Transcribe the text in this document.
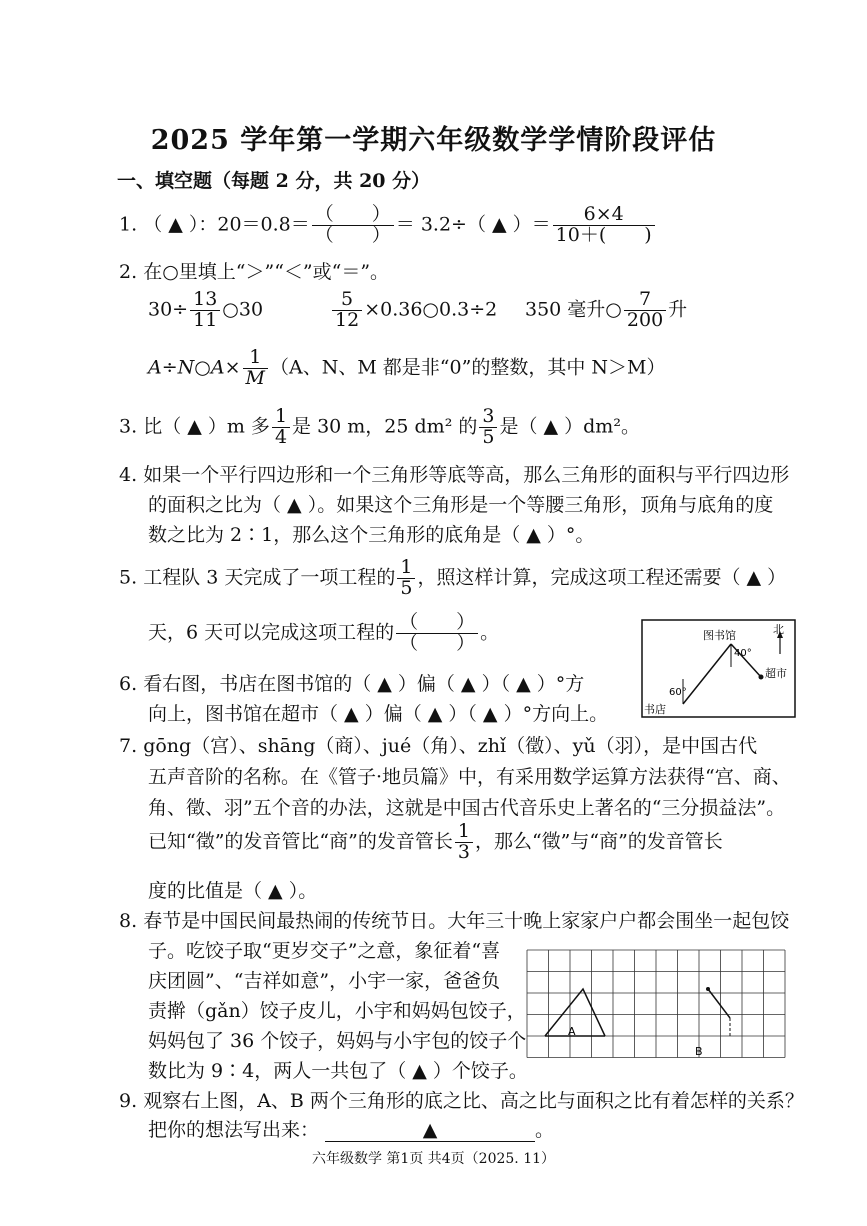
2025 学年第一学期六年级数学学情阶段评估
一、填空题（每题 2 分，共 20 分）
1. （ ▲ ）：$20=0.8= \frac{( )}{( )} = 3.2\div$（ ▲ ）＝ $\frac{6\times 4}{10+( )}$
2. 在○里填上“＞”“＜”或“＝”。
$30\div \frac{13}{11}$ ○30	$\frac{5}{12}$ ×0.36○0.3÷2 350 毫升○ $\frac{7}{200}$ 升
A÷N○A× $\frac{1}{M} (A$、N、M 都是非“0”的整数，其中 N＞M）
3. 比（ ▲ ）m 多 $\frac{1}{4}$ 是 30 m，25 dm² 的 $\frac{3}{5}$ 是（ ▲ ）dm²。
4. 如果一个平行四边形和一个三角形等底等高，那么三角形的面积与平行四边形
的面积之比为（ ▲ ）。如果这个三角形是一个等腰三角形，顶角与底角的度
数之比为 2∶1，那么这个三角形的底角是（ ▲ ）°。
5. 工程队 3 天完成了一项工程的 $\frac{1}{5}$ ，照这样计算，完成这项工程还需要（ ▲ ）
天，6 天可以完成这项工程的 $\frac{( )}{( )}$ 。	图书馆	北
40°
超市
60°
书店
6. 看右图，书店在图书馆的（ ▲ ）偏（ ▲ ）（ ▲ ）°方
向上，图书馆在超市（ ▲ ）偏（ ▲ ）（ ▲ ）°方向上。
7. gōng（宫）、shāng（商）、jué（角）、zhǐ（徵）、yǔ（羽），是中国古代
五声音阶的名称。在《管子·地员篇》中，有采用数学运算方法获得“宫、商、
角、徵、羽”五个音的办法，这就是中国古代音乐史上著名的“三分损益法”。
已知“徵”的发音管比“商”的发音管长 $\frac{1}{3}$ ，那么“徵”与“商”的发音管长
度的比值是（ ▲ ）。
8. 春节是中国民间最热闹的传统节日。大年三十晚上家家户户都会围坐一起包饺
子。吃饺子取“更岁交子”之意，象征着“喜
庆团圆”、“吉祥如意”，小宇一家，爸爸负
责擀（gǎn）饺子皮儿，小宇和妈妈包饺子，
妈妈包了 36 个饺子，妈妈与小宇包的饺子个
数比为 9∶4，两人一共包了（ ▲ ）个饺子。
A
B
9. 观察右上图，A、B 两个三角形的底之比、高之比与面积之比有着怎样的关系？
把你的想法写出来：	▲	。
六年级数学 第1页 共4页（2025. 11）
